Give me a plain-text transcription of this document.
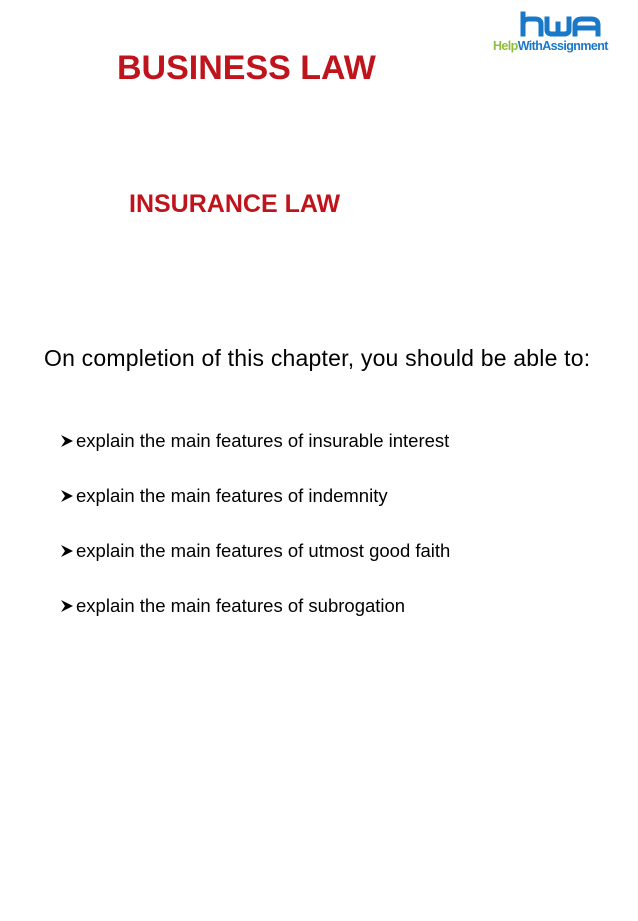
HelpWithAssignment
BUSINESS LAW
INSURANCE LAW

On completion of this chapter, you should be able to:

explain the main features of insurable interest
explain the main features of indemnity
explain the main features of utmost good faith
explain the main features of subrogation
